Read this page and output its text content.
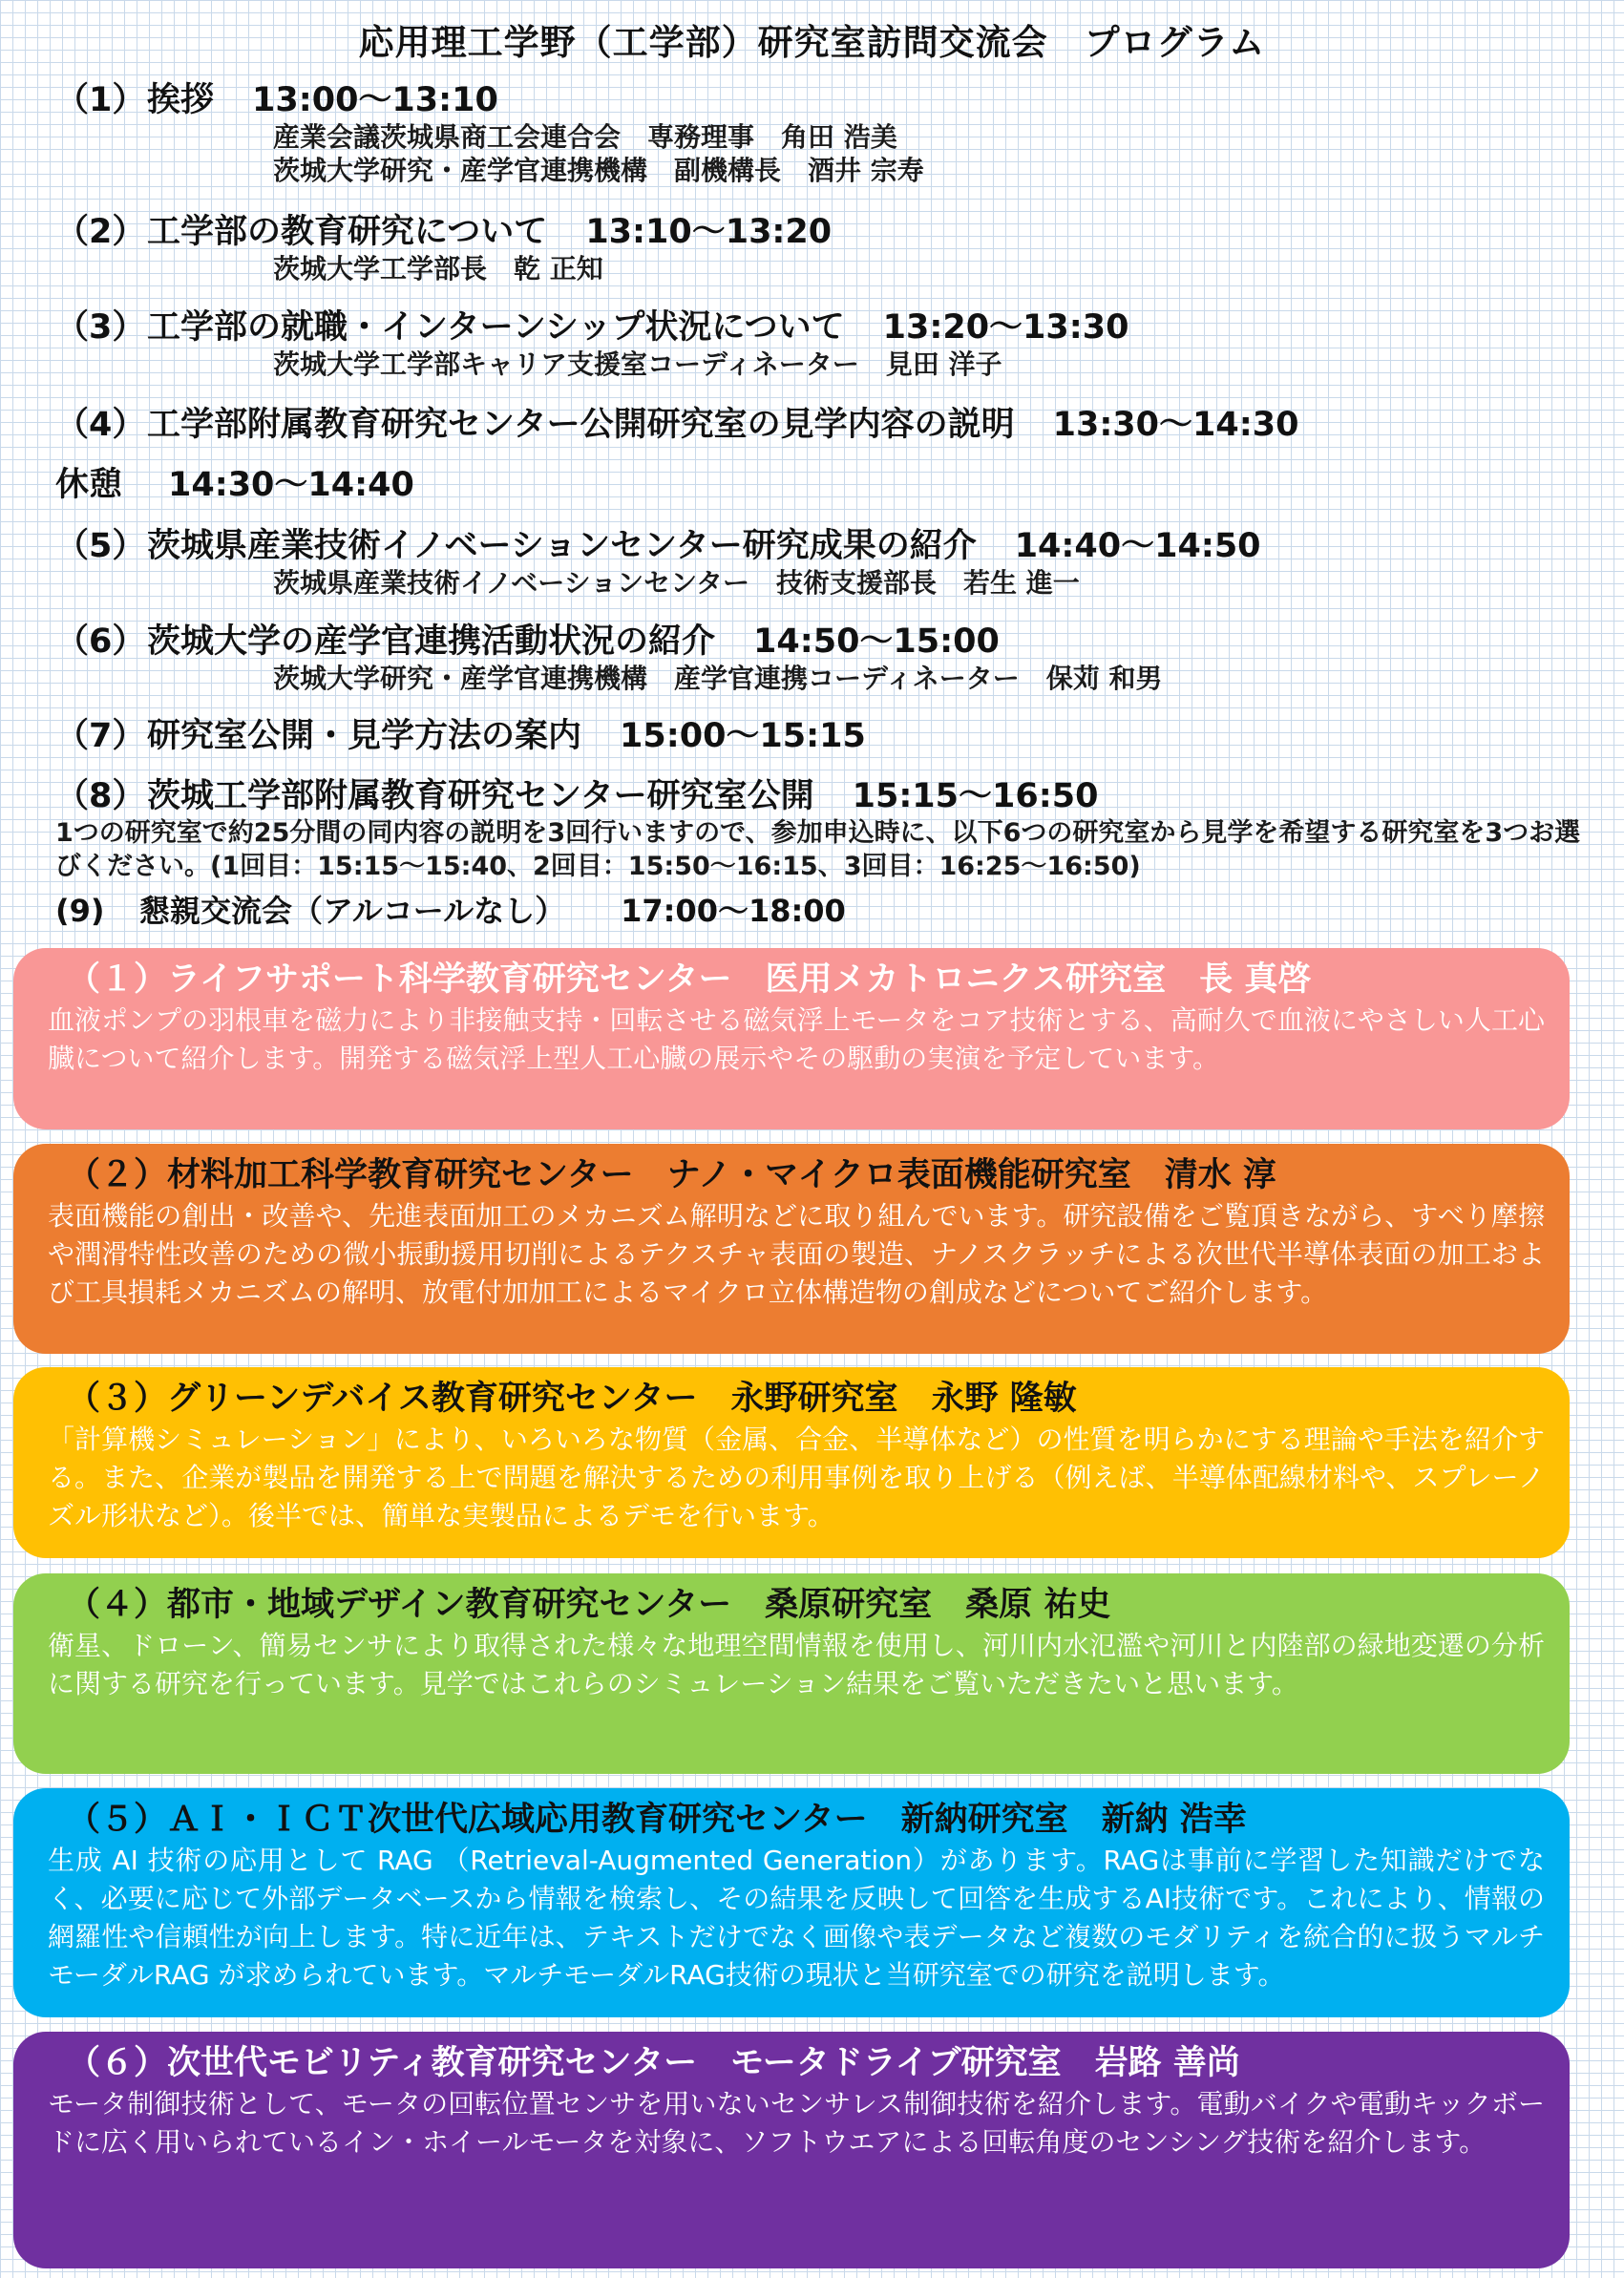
応用理工学野（工学部）研究室訪問交流会　プログラム
（1） 挨拶 13:00〜13:10
産業会議茨城県商工会連合会　専務理事　角田 浩美
茨城大学研究・産学官連携機構　副機構長　酒井 宗寿
（2） 工学部の教育研究について 13:10〜13:20
茨城大学工学部長　乾 正知
（3） 工学部の就職・インターンシップ状況について 13:20〜13:30
茨城大学工学部キャリア支援室コーディネーター　見田 洋子
（4） 工学部附属教育研究センター公開研究室の見学内容の説明 13:30〜14:30
休憩	14:30〜14:40
（5） 茨城県産業技術イノベーションセンター研究成果の紹介 14:40〜14:50
茨城県産業技術イノベーションセンター　技術支援部長　若生 進一
（6） 茨城大学の産学官連携活動状況の紹介 14:50〜15:00
茨城大学研究・産学官連携機構　産学官連携コーディネーター　保苅 和男
（7） 研究室公開・見学方法の案内 15:00〜15:15
（8） 茨城工学部附属教育研究センター研究室公開 15:15〜16:50
1つの研究室で約25分間の同内容の説明を3回行いますので、参加申込時に、以下6つの研究室から見学を希望する研究室を3つお選びください。(1回目：15:15〜15:40、2回目：15:50〜16:15、3回目：16:25〜16:50)
(9)	懇親交流会（アルコールなし） 17:00〜18:00
（１）ライフサポート科学教育研究センター　医用メカトロニクス研究室　長 真啓
血液ポンプの羽根車を磁力により非接触支持・回転させる磁気浮上モータをコア技術とする、高耐久で血液にやさしい人工心臓について紹介します。開発する磁気浮上型人工心臓の展示やその駆動の実演を予定しています。
（２）材料加工科学教育研究センター　ナノ・マイクロ表面機能研究室　清水 淳
表面機能の創出・改善や、先進表面加工のメカニズム解明などに取り組んでいます。研究設備をご覧頂きながら、すべり摩擦や潤滑特性改善のための微小振動援用切削によるテクスチャ表面の製造、ナノスクラッチによる次世代半導体表面の加工および工具損耗メカニズムの解明、放電付加加工によるマイクロ立体構造物の創成などについてご紹介します。
（３）グリーンデバイス教育研究センター　永野研究室　永野 隆敏
「計算機シミュレーション」により、いろいろな物質（金属、合金、半導体など）の性質を明らかにする理論や手法を紹介する。また、企業が製品を開発する上で問題を解決するための利用事例を取り上げる（例えば、半導体配線材料や、スプレーノズル形状など）。後半では、簡単な実製品によるデモを行います。
（４）都市・地域デザイン教育研究センター　桑原研究室　桑原 祐史
衛星、ドローン、簡易センサにより取得された様々な地理空間情報を使用し、河川内水氾濫や河川と内陸部の緑地変遷の分析に関する研究を行っています。見学ではこれらのシミュレーション結果をご覧いただきたいと思います。
（５）ＡＩ・ＩＣＴ次世代広域応用教育研究センター　新納研究室　新納 浩幸
生成 AI 技術の応用として RAG （Retrieval-Augmented Generation）があります。RAGは事前に学習した知識だけでなく、必要に応じて外部データベースから情報を検索し、その結果を反映して回答を生成するAI技術です。これにより、情報の網羅性や信頼性が向上します。特に近年は、テキストだけでなく画像や表データなど複数のモダリティを統合的に扱うマルチモーダルRAG が求められています。マルチモーダルRAG技術の現状と当研究室での研究を説明します。
（６）次世代モビリティ教育研究センター　モータドライブ研究室　岩路 善尚
モータ制御技術として、モータの回転位置センサを用いないセンサレス制御技術を紹介します。電動バイクや電動キックボードに広く用いられているイン・ホイールモータを対象に、ソフトウエアによる回転角度のセンシング技術を紹介します。
